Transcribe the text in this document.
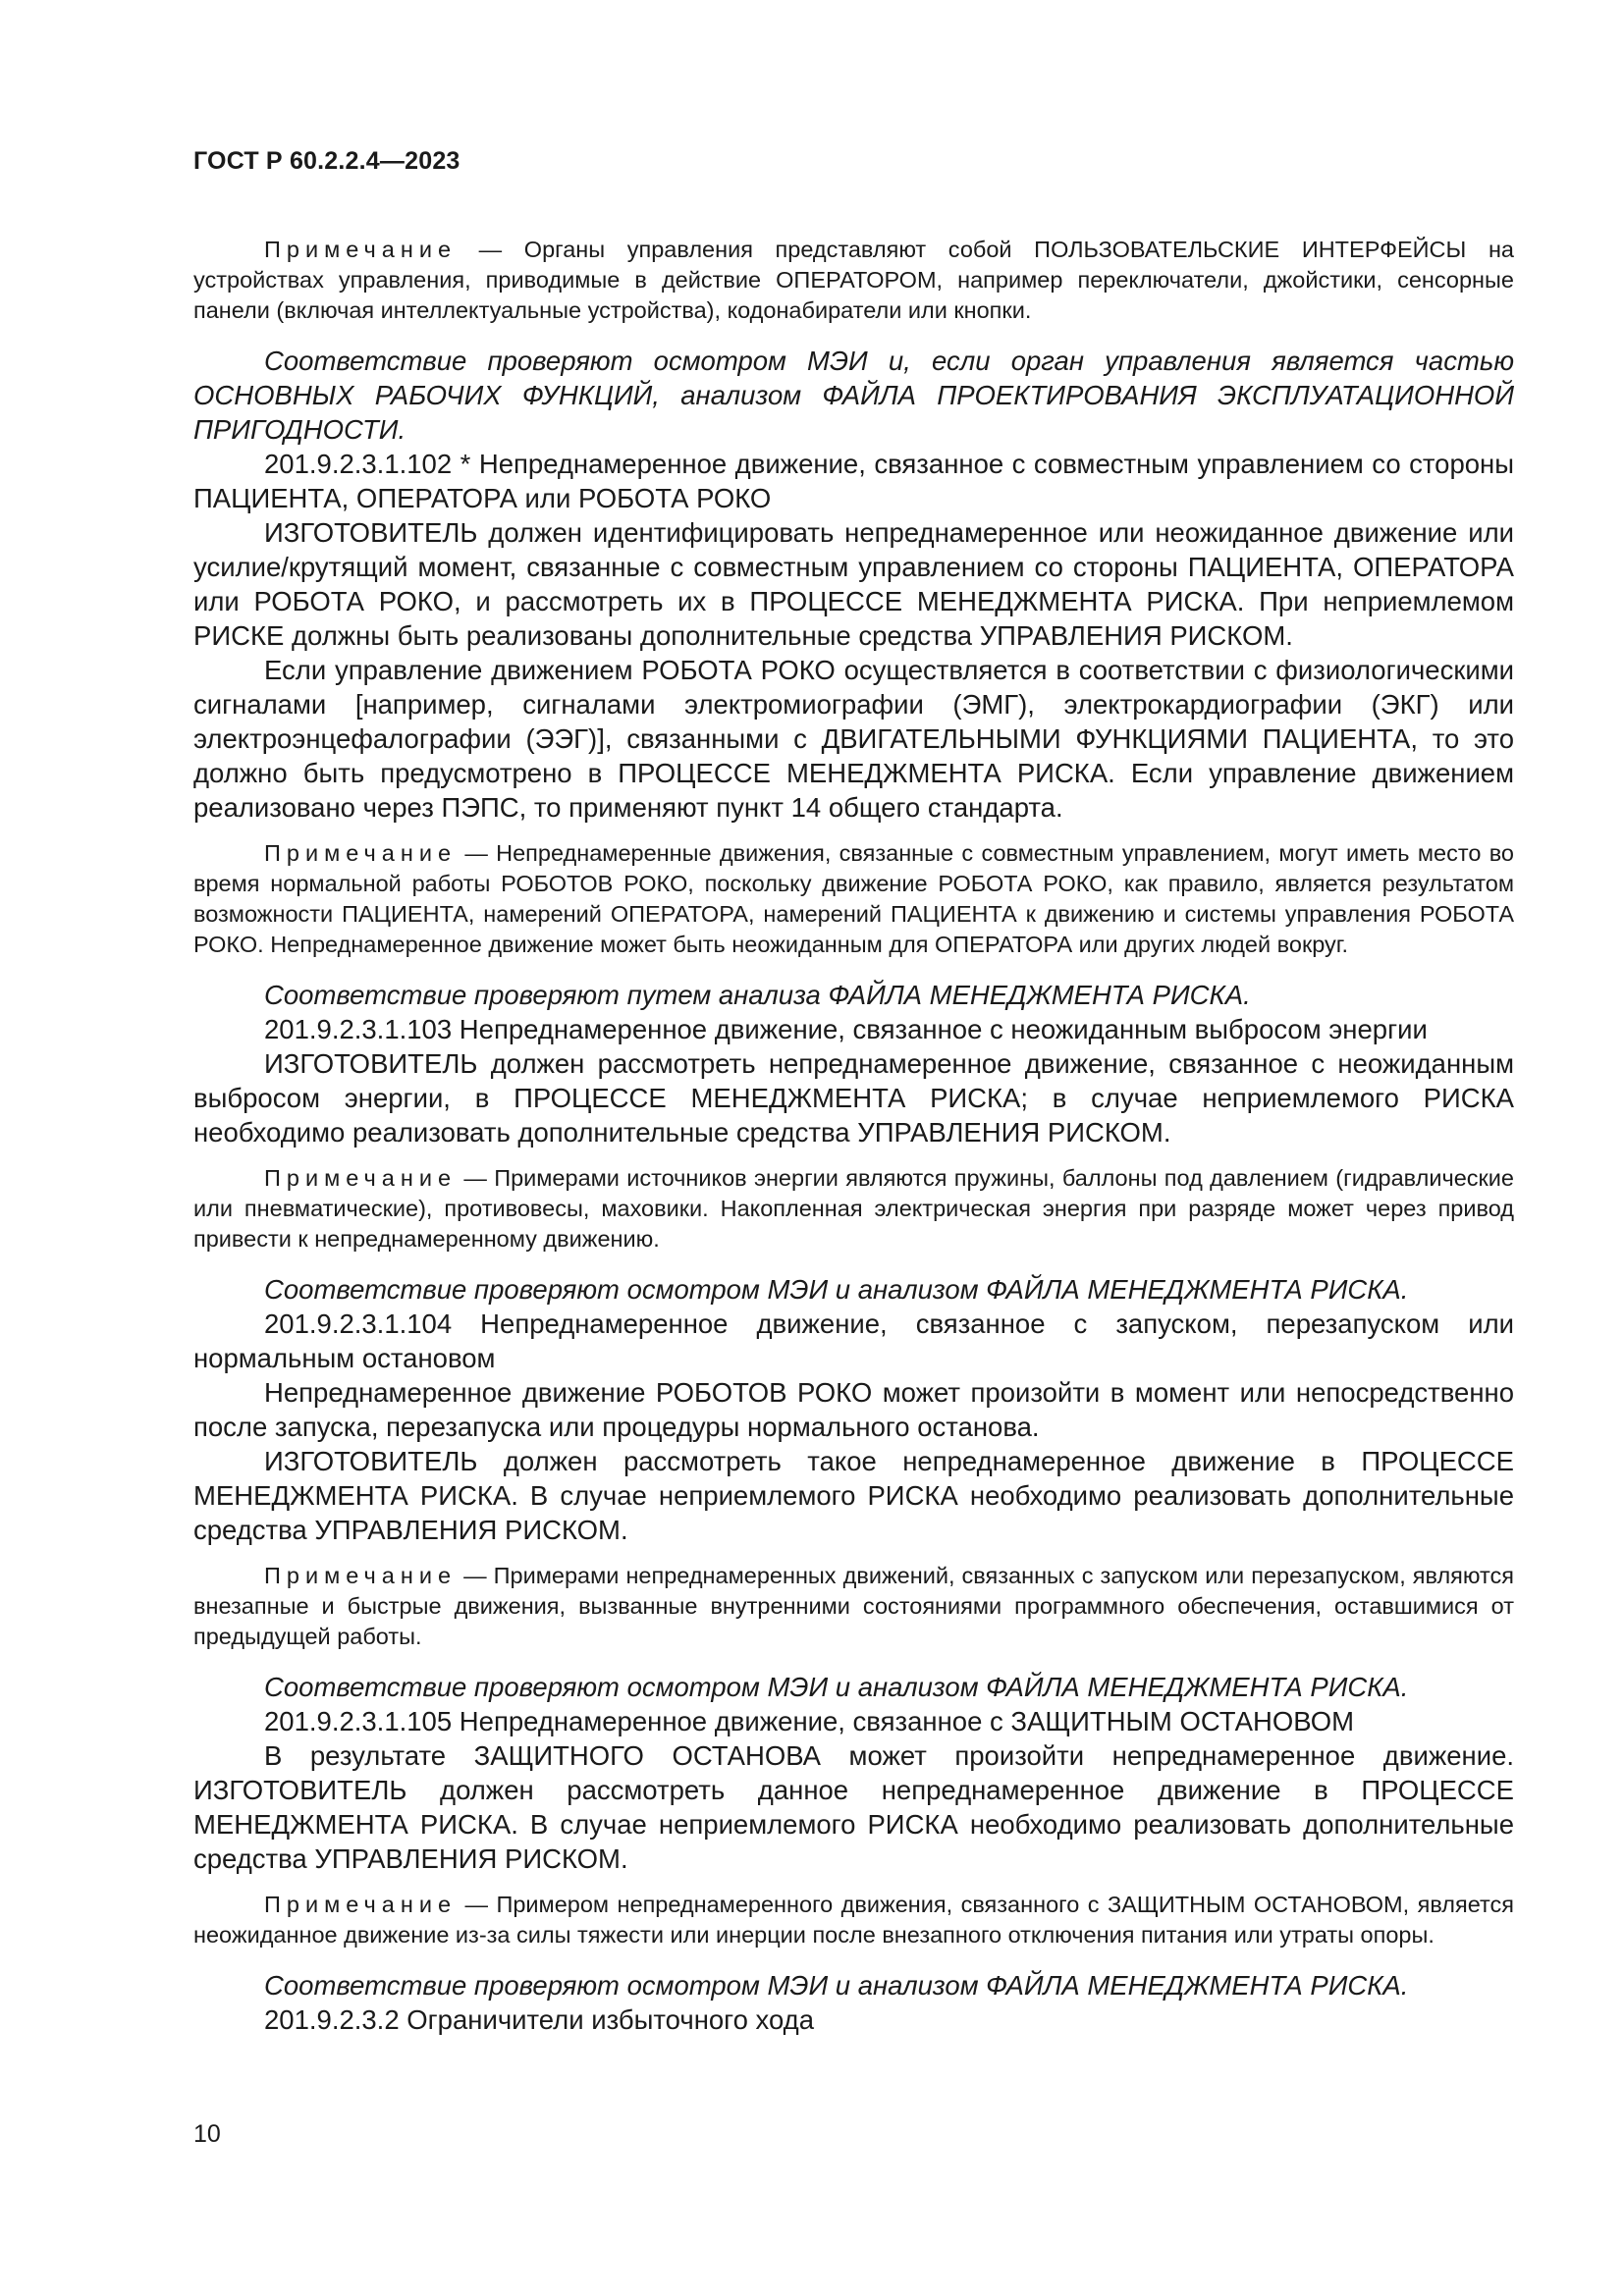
ГОСТ Р 60.2.2.4—2023
Примечание — Органы управления представляют собой ПОЛЬЗОВАТЕЛЬСКИЕ ИНТЕРФЕЙСЫ на устройствах управления, приводимые в действие ОПЕРАТОРОМ, например переключатели, джойстики, сенсорные панели (включая интеллектуальные устройства), кодонабиратели или кнопки.

Соответствие проверяют осмотром МЭИ и, если орган управления является частью ОСНОВНЫХ РАБОЧИХ ФУНКЦИЙ, анализом ФАЙЛА ПРОЕКТИРОВАНИЯ ЭКСПЛУАТАЦИОННОЙ ПРИГОДНОСТИ.

201.9.2.3.1.102 * Непреднамеренное движение, связанное с совместным управлением со стороны ПАЦИЕНТА, ОПЕРАТОРА или РОБОТА РОКО

ИЗГОТОВИТЕЛЬ должен идентифицировать непреднамеренное или неожиданное движение или усилие/крутящий момент, связанные с совместным управлением со стороны ПАЦИЕНТА, ОПЕРАТОРА или РОБОТА РОКО, и рассмотреть их в ПРОЦЕССЕ МЕНЕДЖМЕНТА РИСКА. При неприемлемом РИСКЕ должны быть реализованы дополнительные средства УПРАВЛЕНИЯ РИСКОМ.

Если управление движением РОБОТА РОКО осуществляется в соответствии с физиологическими сигналами [например, сигналами электромиографии (ЭМГ), электрокардиографии (ЭКГ) или электроэнцефалографии (ЭЭГ)], связанными с ДВИГАТЕЛЬНЫМИ ФУНКЦИЯМИ ПАЦИЕНТА, то это должно быть предусмотрено в ПРОЦЕССЕ МЕНЕДЖМЕНТА РИСКА. Если управление движением реализовано через ПЭПС, то применяют пункт 14 общего стандарта.

Примечание — Непреднамеренные движения, связанные с совместным управлением, могут иметь место во время нормальной работы РОБОТОВ РОКО, поскольку движение РОБОТА РОКО, как правило, является результатом возможности ПАЦИЕНТА, намерений ОПЕРАТОРА, намерений ПАЦИЕНТА к движению и системы управления РОБОТА РОКО. Непреднамеренное движение может быть неожиданным для ОПЕРАТОРА или других людей вокруг.

Соответствие проверяют путем анализа ФАЙЛА МЕНЕДЖМЕНТА РИСКА.

201.9.2.3.1.103 Непреднамеренное движение, связанное с неожиданным выбросом энергии

ИЗГОТОВИТЕЛЬ должен рассмотреть непреднамеренное движение, связанное с неожиданным выбросом энергии, в ПРОЦЕССЕ МЕНЕДЖМЕНТА РИСКА; в случае неприемлемого РИСКА необходимо реализовать дополнительные средства УПРАВЛЕНИЯ РИСКОМ.

Примечание — Примерами источников энергии являются пружины, баллоны под давлением (гидравлические или пневматические), противовесы, маховики. Накопленная электрическая энергия при разряде может через привод привести к непреднамеренному движению.

Соответствие проверяют осмотром МЭИ и анализом ФАЙЛА МЕНЕДЖМЕНТА РИСКА.

201.9.2.3.1.104 Непреднамеренное движение, связанное с запуском, перезапуском или нормальным остановом

Непреднамеренное движение РОБОТОВ РОКО может произойти в момент или непосредственно после запуска, перезапуска или процедуры нормального останова.

ИЗГОТОВИТЕЛЬ должен рассмотреть такое непреднамеренное движение в ПРОЦЕССЕ МЕНЕДЖМЕНТА РИСКА. В случае неприемлемого РИСКА необходимо реализовать дополнительные средства УПРАВЛЕНИЯ РИСКОМ.

Примечание — Примерами непреднамеренных движений, связанных с запуском или перезапуском, являются внезапные и быстрые движения, вызванные внутренними состояниями программного обеспечения, оставшимися от предыдущей работы.

Соответствие проверяют осмотром МЭИ и анализом ФАЙЛА МЕНЕДЖМЕНТА РИСКА.

201.9.2.3.1.105 Непреднамеренное движение, связанное с ЗАЩИТНЫМ ОСТАНОВОМ

В результате ЗАЩИТНОГО ОСТАНОВА может произойти непреднамеренное движение. ИЗГОТОВИТЕЛЬ должен рассмотреть данное непреднамеренное движение в ПРОЦЕССЕ МЕНЕДЖМЕНТА РИСКА. В случае неприемлемого РИСКА необходимо реализовать дополнительные средства УПРАВЛЕНИЯ РИСКОМ.

Примечание — Примером непреднамеренного движения, связанного с ЗАЩИТНЫМ ОСТАНОВОМ, является неожиданное движение из-за силы тяжести или инерции после внезапного отключения питания или утраты опоры.

Соответствие проверяют осмотром МЭИ и анализом ФАЙЛА МЕНЕДЖМЕНТА РИСКА.

201.9.2.3.2 Ограничители избыточного хода

10
